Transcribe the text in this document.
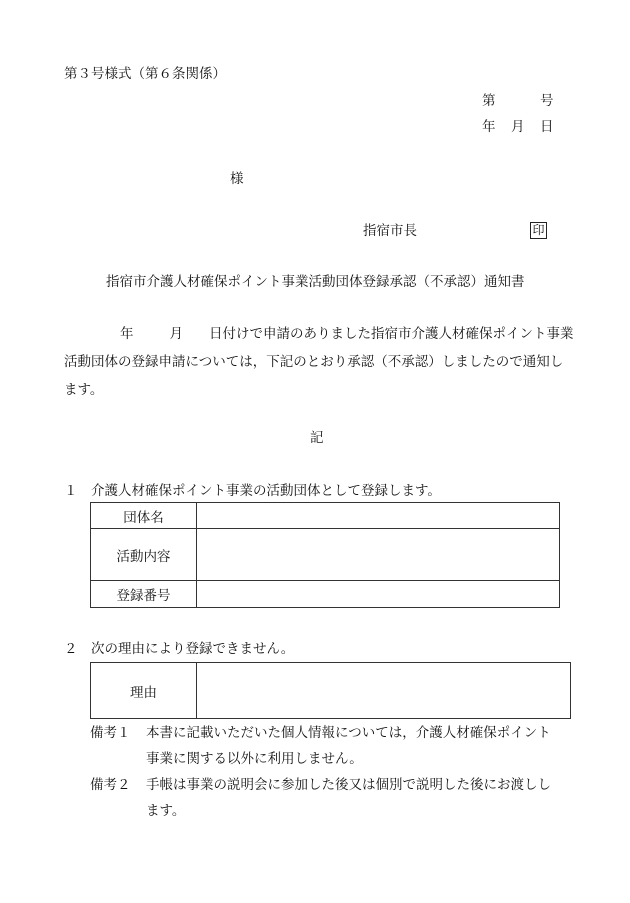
第３号様式（第６条関係）
第	号
年 月 日
様
指宿市長	印
指宿市介護人材確保ポイント事業活動団体登録承認（不承認）通知書
年	月 日付けで申請のありました指宿市介護人材確保ポイント事業活動団体の登録申請については，下記のとおり承認（不承認）しましたので通知します。
記
１　介護人材確保ポイント事業の活動団体として登録します。
団体名	
活動内容	
登録番号	
２　次の理由により登録できません。
理由	
備考１	本書に記載いただいた個人情報については，介護人材確保ポイント
事業に関する以外に利用しません。
備考２	手帳は事業の説明会に参加した後又は個別で説明した後にお渡しし
ます。
